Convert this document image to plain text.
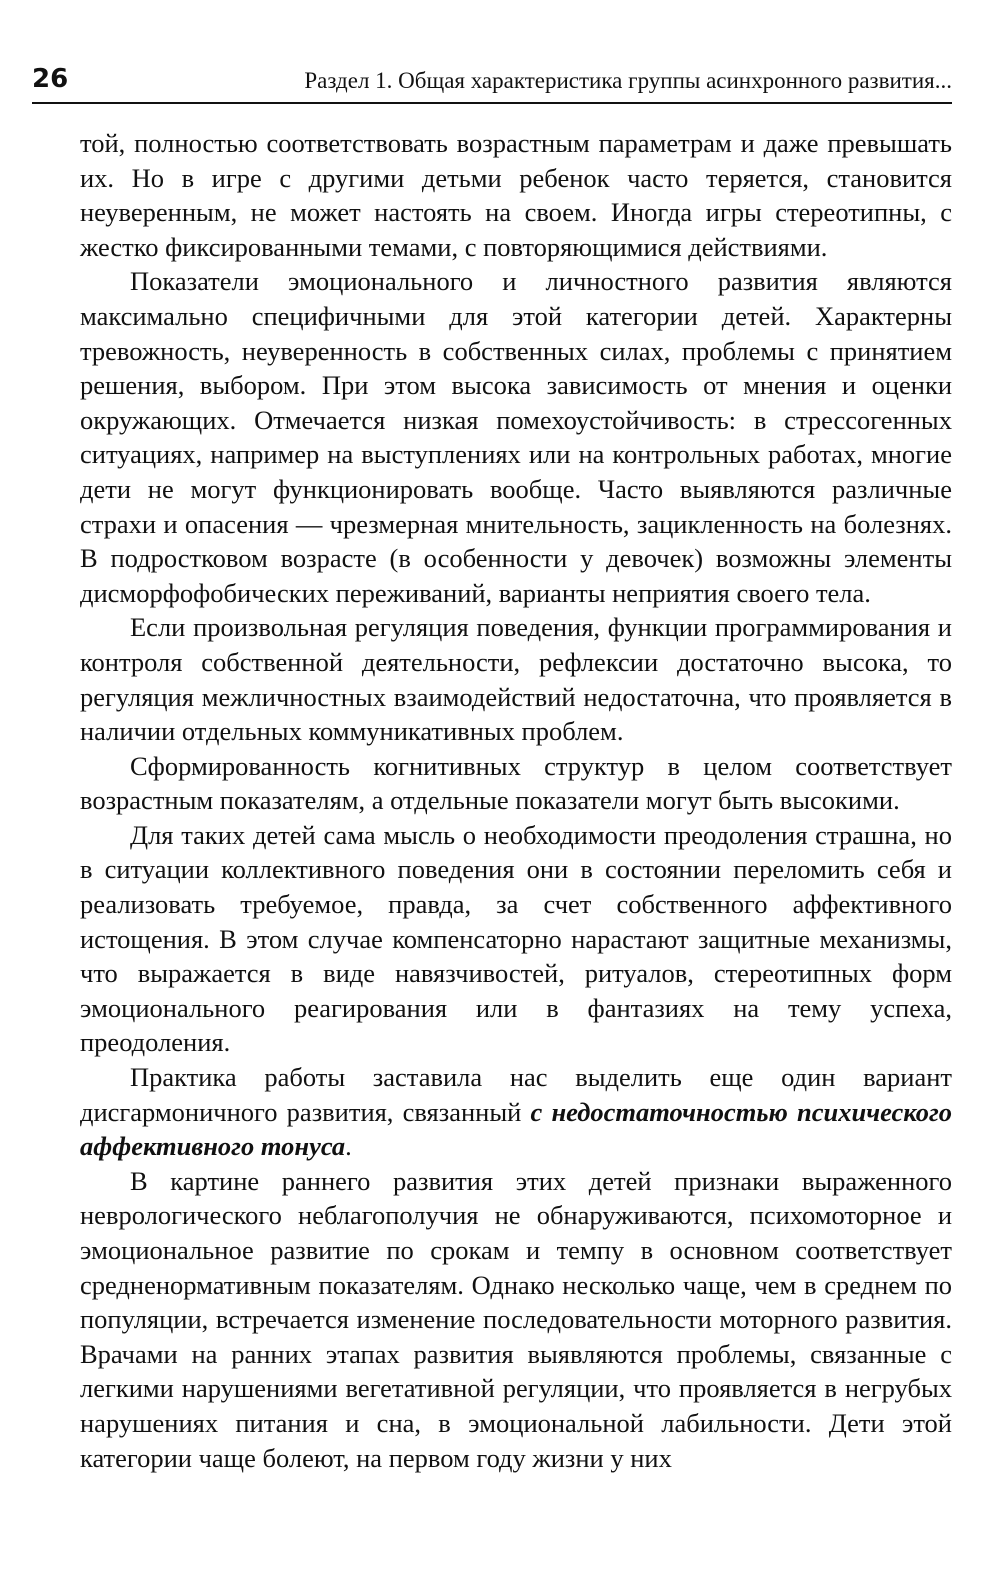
26	Раздел 1. Общая характеристика группы асинхронного развития...

той, полностью соответствовать возрастным параметрам и даже превышать их. Но в игре с другими детьми ребенок часто теряется, становится неуверенным, не может настоять на своем. Иногда игры стереотипны, с жестко фиксированными темами, с повторяющимися действиями.

Показатели эмоционального и личностного развития являются максимально специфичными для этой категории детей. Характерны тревожность, неуверенность в собственных силах, проблемы с принятием решения, выбором. При этом высока зависимость от мнения и оценки окружающих. Отмечается низкая помехоустойчивость: в стрессогенных ситуациях, например на выступлениях или на контрольных работах, многие дети не могут функционировать вообще. Часто выявляются различные страхи и опасения — чрезмерная мнительность, зацикленность на болезнях. В подростковом возрасте (в особенности у девочек) возможны элементы дисморфофобических переживаний, варианты неприятия своего тела.

Если произвольная регуляция поведения, функции программирования и контроля собственной деятельности, рефлексии достаточно высока, то регуляция межличностных взаимодействий недостаточна, что проявляется в наличии отдельных коммуникативных проблем.

Сформированность когнитивных структур в целом соответствует возрастным показателям, а отдельные показатели могут быть высокими.

Для таких детей сама мысль о необходимости преодоления страшна, но в ситуации коллективного поведения они в состоянии переломить себя и реализовать требуемое, правда, за счет собственного аффективного истощения. В этом случае компенсаторно нарастают защитные механизмы, что выражается в виде навязчивостей, ритуалов, стереотипных форм эмоционального реагирования или в фантазиях на тему успеха, преодоления.

Практика работы заставила нас выделить еще один вариант дисгармоничного развития, связанный с недостаточностью психического аффективного тонуса.

В картине раннего развития этих детей признаки выраженного неврологического неблагополучия не обнаруживаются, психомоторное и эмоциональное развитие по срокам и темпу в основном соответствует средненормативным показателям. Однако несколько чаще, чем в среднем по популяции, встречается изменение последовательности моторного развития. Врачами на ранних этапах развития выявляются проблемы, связанные с легкими нарушениями вегетативной регуляции, что проявляется в негрубых нарушениях питания и сна, в эмоциональной лабильности. Дети этой категории чаще болеют, на первом году жизни у них
